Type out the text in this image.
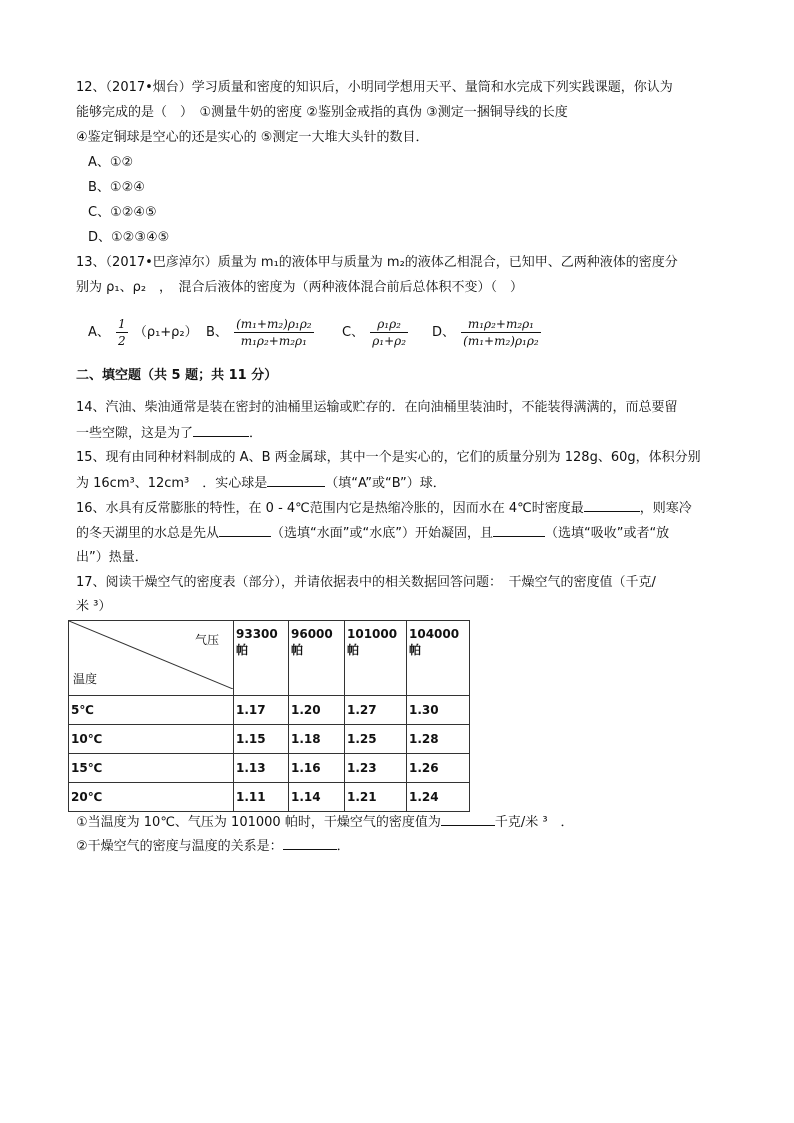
12、（2017•烟台）学习质量和密度的知识后，小明同学想用天平、量筒和水完成下列实践课题，你认为
能够完成的是（　）　①测量牛奶的密度 ②鉴别金戒指的真伪 ③测定一捆铜导线的长度
④鉴定铜球是空心的还是实心的 ⑤测定一大堆大头针的数目．
A、①②
B、①②④
C、①②④⑤
D、①②③④⑤
13、（2017•巴彦淖尔）质量为 m₁的液体甲与质量为 m₂的液体乙相混合，已知甲、乙两种液体的密度分
别为 ρ₁、ρ₂　，　混合后液体的密度为（两种液体混合前后总体积不变）（　）
A、 $\frac{1}{2} (\rho_1+\rho_2)$ B、 $\frac{\text{(m₁+m₂)ρ₁ρ₂}}{\text{m₁ρ₂+m₂ρ₁}}$ C、 $\frac{\text{ρ₁ρ₂}}{\text{ρ₁+ρ₂}}$ D、 $\frac{\text{m₁ρ₂+m₂ρ₁}}{\text{(m₁+m₂)ρ₁ρ₂}}$
二、填空题（共 5 题；共 11 分）
14、汽油、柴油通常是装在密封的油桶里运输或贮存的．在向油桶里装油时，不能装得满满的，而总要留
一些空隙，这是为了	．
15、现有由同种材料制成的 A、B 两金属球，其中一个是实心的，它们的质量分别为 128g、60g，体积分别
为 16cm³、12cm³　．实心球是	（填“A”或“B”）球．
16、水具有反常膨胀的特性，在 0 - 4℃范围内它是热缩冷胀的，因而水在 4℃时密度最	，则寒冷
的冬天湖里的水总是先从	（选填“水面”或“水底”）开始凝固，且	（选填“吸收”或者“放
出”）热量．
17、阅读干燥空气的密度表（部分），并请依据表中的相关数据回答问题：　干燥空气的密度值（千克/
米 ³）
气压
温度	93300 帕	96000 帕	101000 帕	104000 帕
5℃	1.17	1.20	1.27	1.30
10℃	1.15	1.18	1.25	1.28
15℃	1.13	1.16	1.23	1.26
20℃	1.11	1.14	1.21	1.24
①当温度为 10℃、气压为 101000 帕时，干燥空气的密度值为	千克/米 ³　．
②干燥空气的密度与温度的关系是：	．
